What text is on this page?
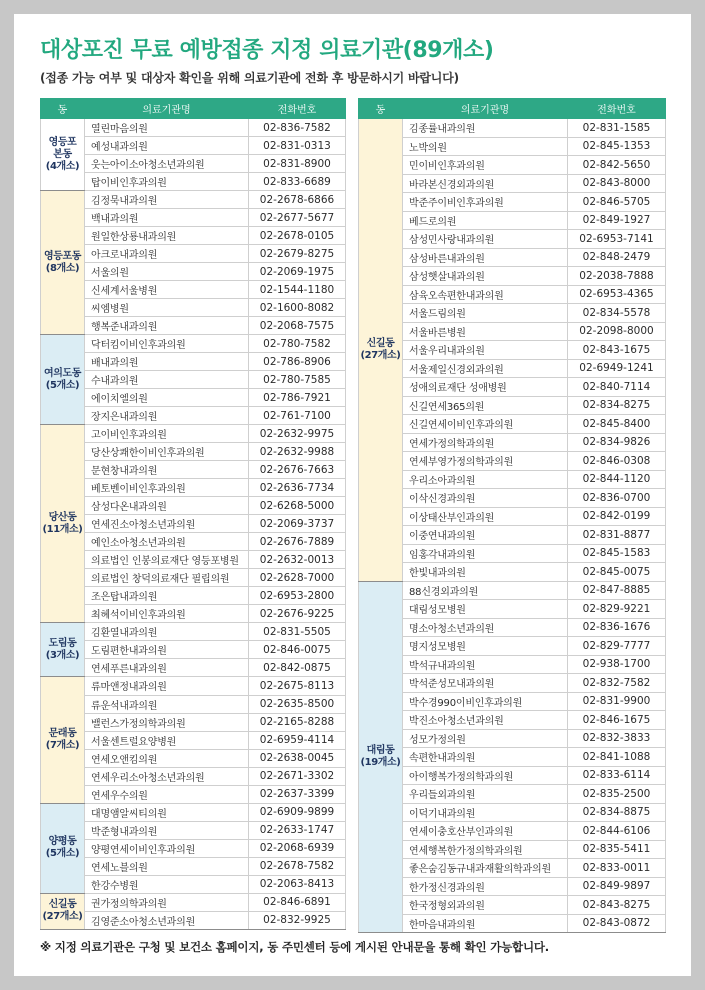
대상포진 무료 예방접종 지정 의료기관(89개소)
(접종 가능 여부 및 대상자 확인을 위해 의료기관에 전화 후 방문하시기 바랍니다)
동	의료기관명	전화번호

영등포
본동
(4개소)	열린마음의원	02-836-7582
	예성내과의원	02-831-0313
	웃는아이소아청소년과의원	02-831-8900
	탑이비인후과의원	02-833-6689

영등포동
(8개소)	김정묵내과의원	02-2678-6866
	백내과의원	02-2677-5677
	원일한상룡내과의원	02-2678-0105
	아크로내과의원	02-2679-8275
	서울의원	02-2069-1975
	신세계서울병원	02-1544-1180
	씨엠병원	02-1600-8082
	행복준내과의원	02-2068-7575

여의도동
(5개소)	닥터킴이비인후과의원	02-780-7582
	배내과의원	02-786-8906
	수내과의원	02-780-7585
	에이치엘의원	02-786-7921
	장지은내과의원	02-761-7100

당산동
(11개소)	고이비인후과의원	02-2632-9975
	당산상쾌한이비인후과의원	02-2632-9988
	문현창내과의원	02-2676-7663
	베토벤이비인후과의원	02-2636-7734
	삼성다온내과의원	02-6268-5000
	연세진소아청소년과의원	02-2069-3737
	예인소아청소년과의원	02-2676-7889
	의료법인 인봉의료재단 영등포병원	02-2632-0013
	의료법인 창덕의료재단 필립의원	02-2628-7000
	조은탑내과의원	02-6953-2800
	최혜석이비인후과의원	02-2676-9225

도림동
(3개소)	김환열내과의원	02-831-5505
	도림편한내과의원	02-846-0075
	연세푸른내과의원	02-842-0875

문래동
(7개소)	류마앤정내과의원	02-2675-8113
	류운석내과의원	02-2635-8500
	밸런스가정의학과의원	02-2165-8288
	서울센트럴요양병원	02-6959-4114
	연세오앤킴의원	02-2638-0045
	연세우리소아청소년과의원	02-2671-3302
	연세우수의원	02-2637-3399

양평동
(5개소)	대명앰알씨티의원	02-6909-9899
	박준형내과의원	02-2633-1747
	양평연세이비인후과의원	02-2068-6939
	연세노블의원	02-2678-7582
	한강수병원	02-2063-8413

신길동
(27개소)	권가정의학과의원	02-846-6891
	김영준소아청소년과의원	02-832-9925
동	의료기관명	전화번호

신길동
(27개소)	김종률내과의원	02-831-1585
	노박의원	02-845-1353
	민이비인후과의원	02-842-5650
	바라본신경외과의원	02-843-8000
	박준주이비인후과의원	02-846-5705
	베드로의원	02-849-1927
	삼성민사랑내과의원	02-6953-7141
	삼성바른내과의원	02-848-2479
	삼성햇살내과의원	02-2038-7888
	삼육오속편한내과의원	02-6953-4365
	서울드림의원	02-834-5578
	서울바른병원	02-2098-8000
	서울우리내과의원	02-843-1675
	서울제일신경외과의원	02-6949-1241
	성애의료재단 성애병원	02-840-7114
	신길연세365의원	02-834-8275
	신길연세이비인후과의원	02-845-8400
	연세가정의학과의원	02-834-9826
	연세부영가정의학과의원	02-846-0308
	우리소아과의원	02-844-1120
	이삭신경과의원	02-836-0700
	이상태산부인과의원	02-842-0199
	이중연내과의원	02-831-8877
	임홍각내과의원	02-845-1583
	한빛내과의원	02-845-0075

대림동
(19개소)	88신경외과의원	02-847-8885
	대림성모병원	02-829-9221
	명소아청소년과의원	02-836-1676
	명지성모병원	02-829-7777
	박석규내과의원	02-938-1700
	박석준성모내과의원	02-832-7582
	박수경990이비인후과의원	02-831-9900
	박진소아청소년과의원	02-846-1675
	성모가정의원	02-832-3833
	속편한내과의원	02-841-1088
	아이행복가정의학과의원	02-833-6114
	우리들외과의원	02-835-2500
	이덕기내과의원	02-834-8875
	연세이충호산부인과의원	02-844-6106
	연세행복한가정의학과의원	02-835-5411
	좋은숨김동규내과재활의학과의원	02-833-0011
	한가정신경과의원	02-849-9897
	한국정형외과의원	02-843-8275
	한마음내과의원	02-843-0872
※ 지정 의료기관은 구청 및 보건소 홈페이지, 동 주민센터 등에 게시된 안내문을 통해 확인 가능합니다.
